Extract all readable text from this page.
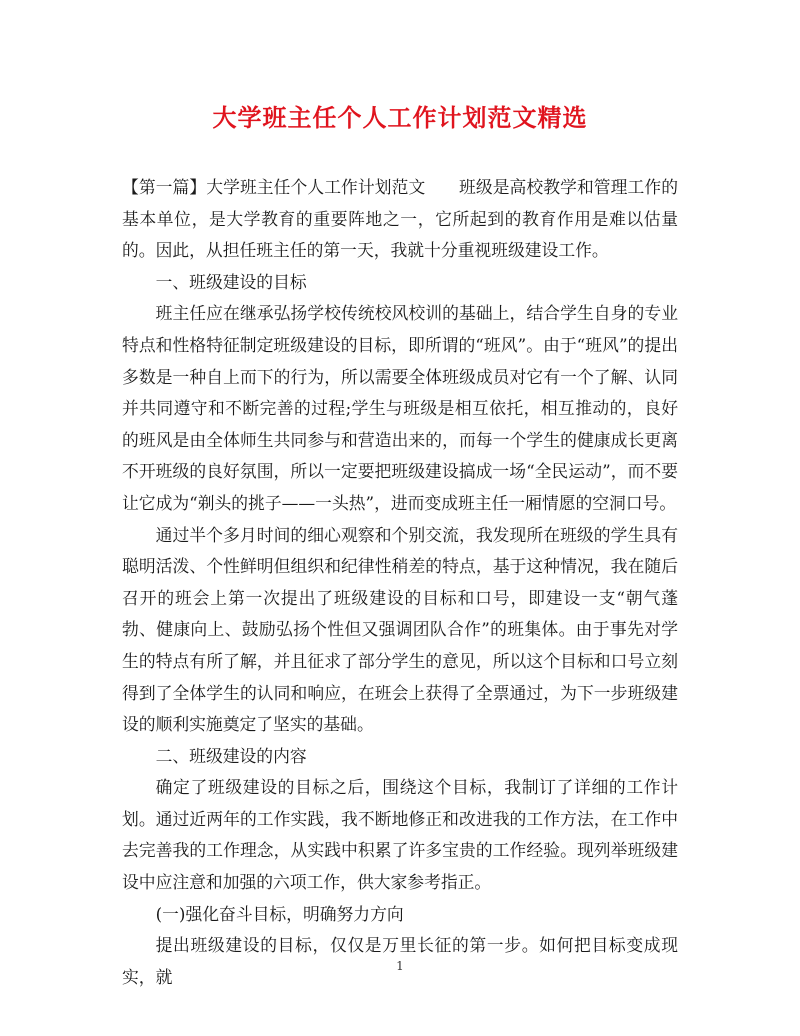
大学班主任个人工作计划范文精选

【第一篇】大学班主任个人工作计划范文　　班级是高校教学和管理工作的基本单位，是大学教育的重要阵地之一，它所起到的教育作用是难以估量的。因此，从担任班主任的第一天，我就十分重视班级建设工作。

一、班级建设的目标

班主任应在继承弘扬学校传统校风校训的基础上，结合学生自身的专业特点和性格特征制定班级建设的目标，即所谓的“班风”。由于“班风”的提出多数是一种自上而下的行为，所以需要全体班级成员对它有一个了解、认同并共同遵守和不断完善的过程;学生与班级是相互依托，相互推动的，良好的班风是由全体师生共同参与和营造出来的，而每一个学生的健康成长更离不开班级的良好氛围，所以一定要把班级建设搞成一场“全民运动”，而不要让它成为“剃头的挑子——一头热”，进而变成班主任一厢情愿的空洞口号。

通过半个多月时间的细心观察和个别交流，我发现所在班级的学生具有聪明活泼、个性鲜明但组织和纪律性稍差的特点，基于这种情况，我在随后召开的班会上第一次提出了班级建设的目标和口号，即建设一支“朝气蓬勃、健康向上、鼓励弘扬个性但又强调团队合作”的班集体。由于事先对学生的特点有所了解，并且征求了部分学生的意见，所以这个目标和口号立刻得到了全体学生的认同和响应，在班会上获得了全票通过，为下一步班级建设的顺利实施奠定了坚实的基础。

二、班级建设的内容

确定了班级建设的目标之后，围绕这个目标，我制订了详细的工作计划。通过近两年的工作实践，我不断地修正和改进我的工作方法，在工作中去完善我的工作理念，从实践中积累了许多宝贵的工作经验。现列举班级建设中应注意和加强的六项工作，供大家参考指正。

(一)强化奋斗目标，明确努力方向

提出班级建设的目标，仅仅是万里长征的第一步。如何把目标变成现实，就

1
